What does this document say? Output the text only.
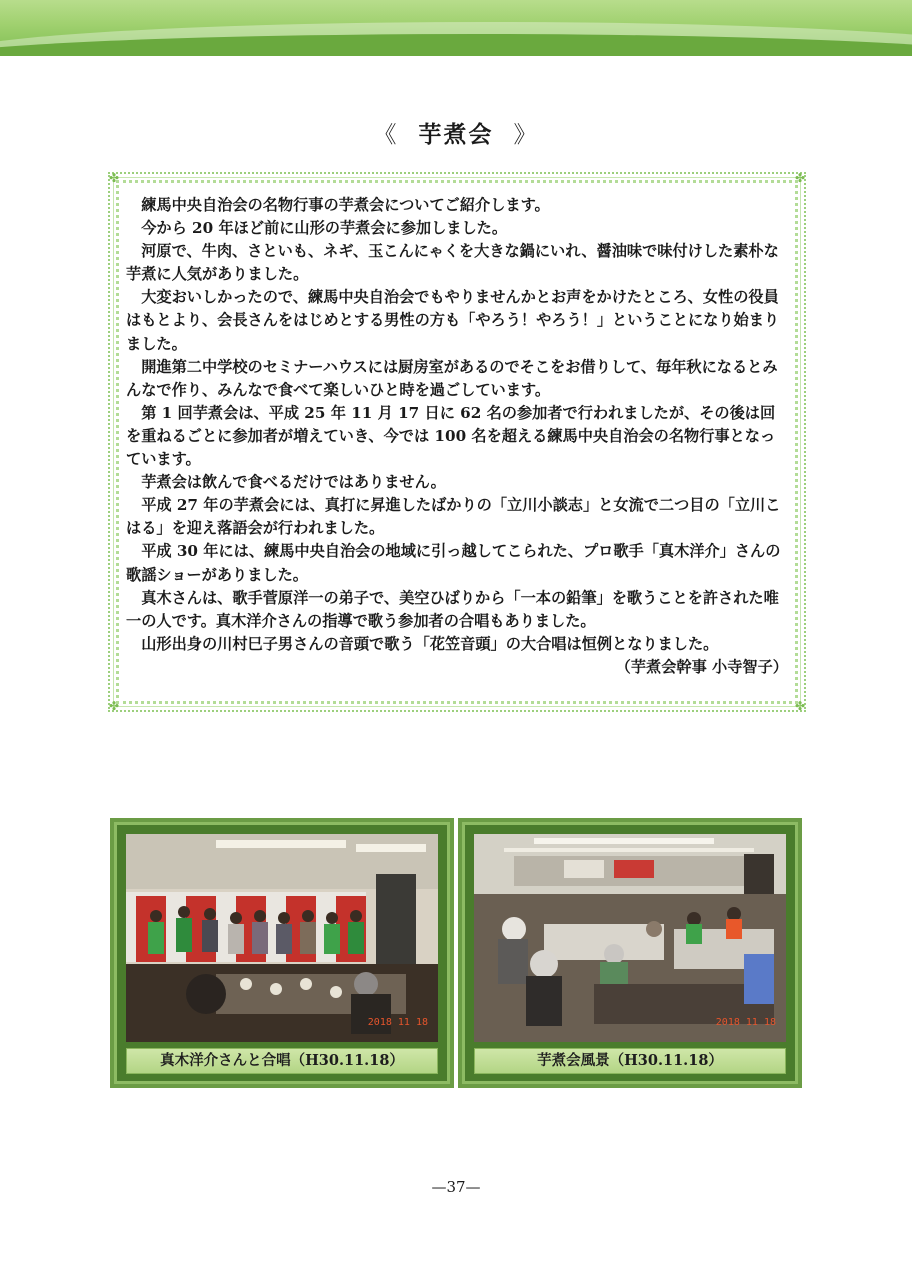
《 芋煮会 》
✤	✤
✤	✤

練馬中央自治会の名物行事の芋煮会についてご紹介します。

今から 20 年ほど前に山形の芋煮会に参加しました。

河原で、牛肉、さといも、ネギ、玉こんにゃくを大きな鍋にいれ、醤油味で味付けした素朴な芋煮に人気がありました。

大変おいしかったので、練馬中央自治会でもやりませんかとお声をかけたところ、女性の役員はもとより、会長さんをはじめとする男性の方も「やろう！やろう！」ということになり始まりました。

開進第二中学校のセミナーハウスには厨房室があるのでそこをお借りして、毎年秋になるとみんなで作り、みんなで食べて楽しいひと時を過ごしています。

第 1 回芋煮会は、平成 25 年 11 月 17 日に 62 名の参加者で行われましたが、その後は回を重ねるごとに参加者が増えていき、今では 100 名を超える練馬中央自治会の名物行事となっています。

芋煮会は飲んで食べるだけではありません。

平成 27 年の芋煮会には、真打に昇進したばかりの「立川小談志」と女流で二つ目の「立川こはる」を迎え落語会が行われました。

平成 30 年には、練馬中央自治会の地域に引っ越してこられた、プロ歌手「真木洋介」さんの歌謡ショーがありました。

真木さんは、歌手菅原洋一の弟子で、美空ひばりから「一本の鉛筆」を歌うことを許された唯一の人です。真木洋介さんの指導で歌う参加者の合唱もありました。

山形出身の川村巳子男さんの音頭で歌う「花笠音頭」の大合唱は恒例となりました。

（芋煮会幹事 小寺智子）

2018 11 18
真木洋介さんと合唱（H30.11.18）
2018 11 18
芋煮会風景（H30.11.18）
—37—
